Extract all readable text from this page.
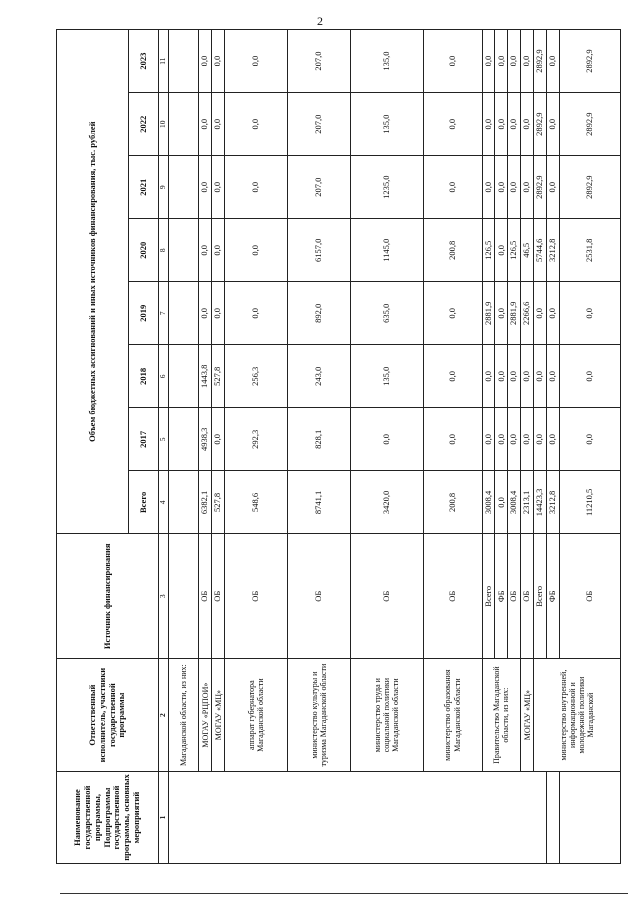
2
Наименование государственной программы, Подпрограммы государственной программы, основных мероприятий	Ответственный исполнитель, участники государственной программы	Источник финансирования	Объем бюджетных ассигнований и иных источников финансирования, тыс. рублей							
			Всего	2017	2018	2019	2020	2021	2022	2023
1	2	3	4	5	6	7	8	9	10	11
	Магаданской области, из них:									
	МОГАУ «РЦПОИ»	ОБ	6382,1	4938,3	1443,8	0,0	0,0	0,0	0,0	0,0
	МОГАУ «МЦ»	ОБ	527,8	0,0	527,8	0,0	0,0	0,0	0,0	0,0
	аппарат губернатора Магаданской области	ОБ	548,6	292,3	256,3	0,0	0,0	0,0	0,0	0,0
	министерство культуры и туризма Магаданской области	ОБ	8741,1	828,1	243,0	892,0	6157,0	207,0	207,0	207,0
	министерство труда и социальной политики Магаданской области	ОБ	3420,0	0,0	135,0	635,0	1145,0	1235,0	135,0	135,0
	министерство образования Магаданской области	ОБ	200,8	0,0	0,0	0,0	200,8	0,0	0,0	0,0
	Правительство Магаданской области, из них:	Всего	3008,4	0,0	0,0	2881,9	126,5	0,0	0,0	0,0
		ФБ	0,0	0,0	0,0	0,0	0,0	0,0	0,0	0,0
		ОБ	3008,4	0,0	0,0	2881,9	126,5	0,0	0,0	0,0
	МОГАУ «МЦ»	ОБ	2313,1	0,0	0,0	2266,6	46,5	0,0	0,0	0,0
	министерство внутренней, информационной и молодежной политики Магаданской	Всего	14423,3	0,0	0,0	0,0	5744,6	2892,9	2892,9	2892,9
		ФБ	3212,8	0,0	0,0	0,0	3212,8	0,0	0,0	0,0
		ОБ	11210,5	0,0	0,0	0,0	2531,8	2892,9	2892,9	2892,9
